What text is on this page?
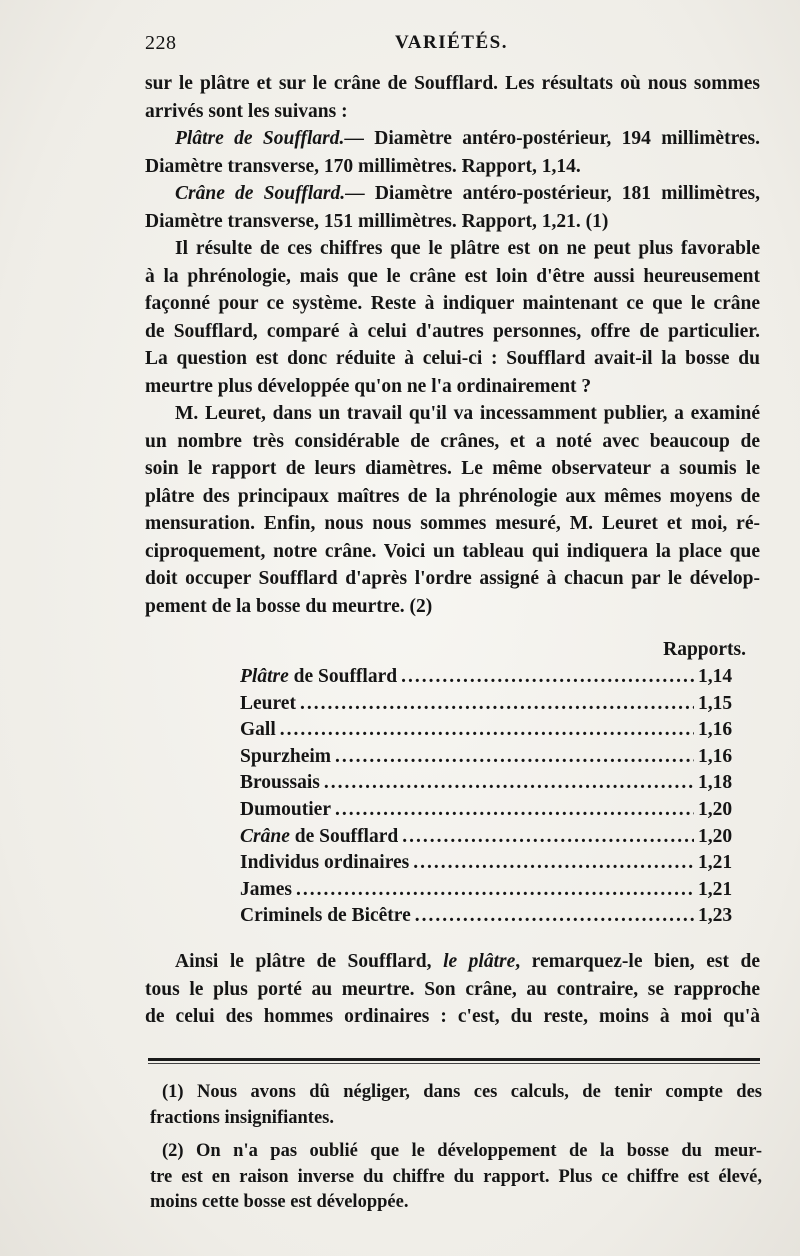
228	VARIÉTÉS.

sur le plâtre et sur le crâne de Soufflard. Les résultats où nous sommes
arrivés sont les suivans :

Plâtre de Soufflard.— Diamètre antéro-postérieur, 194 millimètres.
Diamètre transverse, 170 millimètres. Rapport, 1,14.

Crâne de Soufflard.— Diamètre antéro-postérieur, 181 millimètres,
Diamètre transverse, 151 millimètres. Rapport, 1,21. (1)

Il résulte de ces chiffres que le plâtre est on ne peut plus favorable
à la phrénologie, mais que le crâne est loin d'être aussi heureusement
façonné pour ce système. Reste à indiquer maintenant ce que le crâne
de Soufflard, comparé à celui d'autres personnes, offre de particulier.
La question est donc réduite à celui-ci : Soufflard avait-il la bosse du
meurtre plus développée qu'on ne l'a ordinairement ?

M. Leuret, dans un travail qu'il va incessamment publier, a examiné
un nombre très considérable de crânes, et a noté avec beaucoup de
soin le rapport de leurs diamètres. Le même observateur a soumis le
plâtre des principaux maîtres de la phrénologie aux mêmes moyens de
mensuration. Enfin, nous nous sommes mesuré, M. Leuret et moi, ré-
ciproquement, notre crâne. Voici un tableau qui indiquera la place que
doit occuper Soufflard d'après l'ordre assigné à chacun par le dévelop-
pement de la bosse du meurtre. (2)

Rapports.
Plâtre de Soufflard .....	1,14
Leuret .....	1,15
Gall .....	1,16
Spurzheim .....	1,16
Broussais .....	1,18
Dumoutier .....	1,20
Crâne de Soufflard .....	1,20
Individus ordinaires .....	1,21
James .....	1,21
Criminels de Bicêtre .....	1,23
Ainsi le plâtre de Soufflard, le plâtre, remarquez-le bien, est de
tous le plus porté au meurtre. Son crâne, au contraire, se rapproche
de celui des hommes ordinaires : c'est, du reste, moins à moi qu'à
(1) Nous avons dû négliger, dans ces calculs, de tenir compte des
fractions insignifiantes.
(2) On n'a pas oublié que le développement de la bosse du meur-
tre est en raison inverse du chiffre du rapport. Plus ce chiffre est élevé,
moins cette bosse est développée.
